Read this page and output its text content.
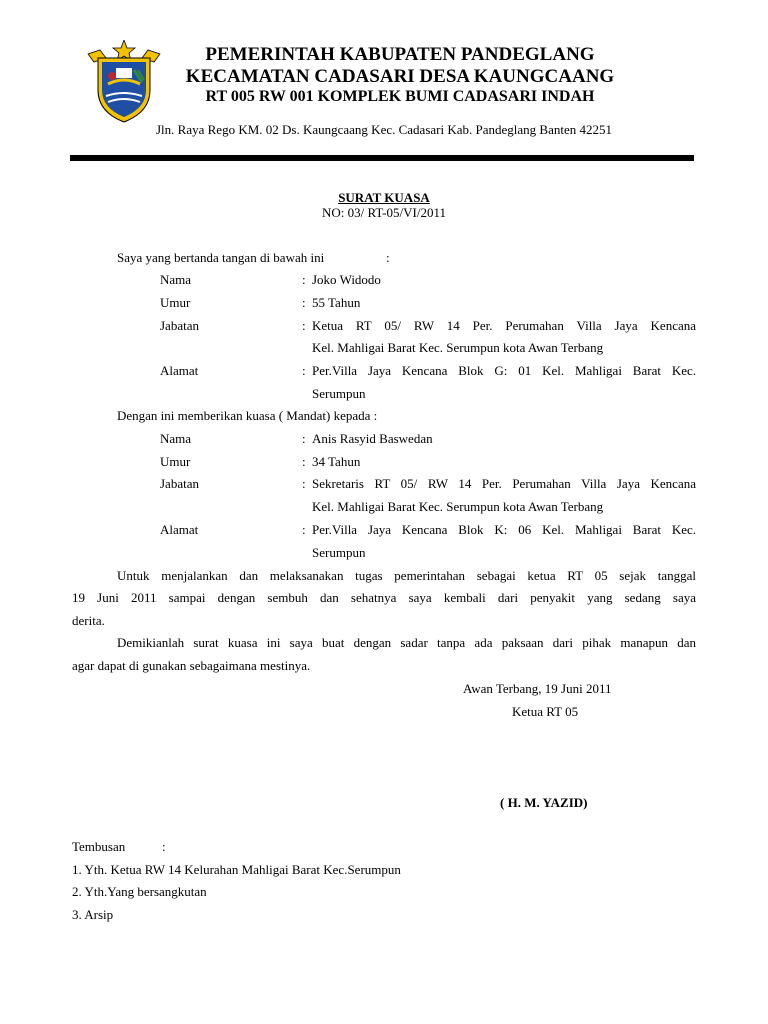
PEMERINTAH KABUPATEN PANDEGLANG
KECAMATAN CADASARI DESA KAUNGCAANG
RT 005 RW 001 KOMPLEK BUMI CADASARI INDAH
Jln. Raya Rego KM. 02 Ds. Kaungcaang Kec. Cadasari Kab. Pandeglang Banten 42251
SURAT KUASA
NO: 03/ RT-05/VI/2011
Saya yang bertanda tangan di bawah ini	:
Nama	: Joko Widodo
Umur	: 55 Tahun
Jabatan	: Ketua RT 05/ RW 14 Per. Perumahan Villa Jaya Kencana
Kel. Mahligai Barat Kec. Serumpun kota Awan Terbang
Alamat	: Per.Villa Jaya Kencana Blok G: 01 Kel. Mahligai Barat Kec.
Serumpun
Dengan ini memberikan kuasa ( Mandat) kepada :
Nama	: Anis Rasyid Baswedan
Umur	: 34 Tahun
Jabatan	: Sekretaris RT 05/ RW 14 Per. Perumahan Villa Jaya Kencana
Kel. Mahligai Barat Kec. Serumpun kota Awan Terbang
Alamat	: Per.Villa Jaya Kencana Blok K: 06 Kel. Mahligai Barat Kec.
Serumpun
Untuk menjalankan dan melaksanakan tugas pemerintahan sebagai ketua RT 05 sejak tanggal
19 Juni 2011 sampai dengan sembuh dan sehatnya saya kembali dari penyakit yang sedang saya
derita.
Demikianlah surat kuasa ini saya buat dengan sadar tanpa ada paksaan dari pihak manapun dan
agar dapat di gunakan sebagaimana mestinya.
Awan Terbang, 19 Juni 2011
Ketua RT 05
( H. M. YAZID)
Tembusan	:
1. Yth. Ketua RW 14 Kelurahan Mahligai Barat Kec.Serumpun
2. Yth.Yang bersangkutan
3. Arsip
